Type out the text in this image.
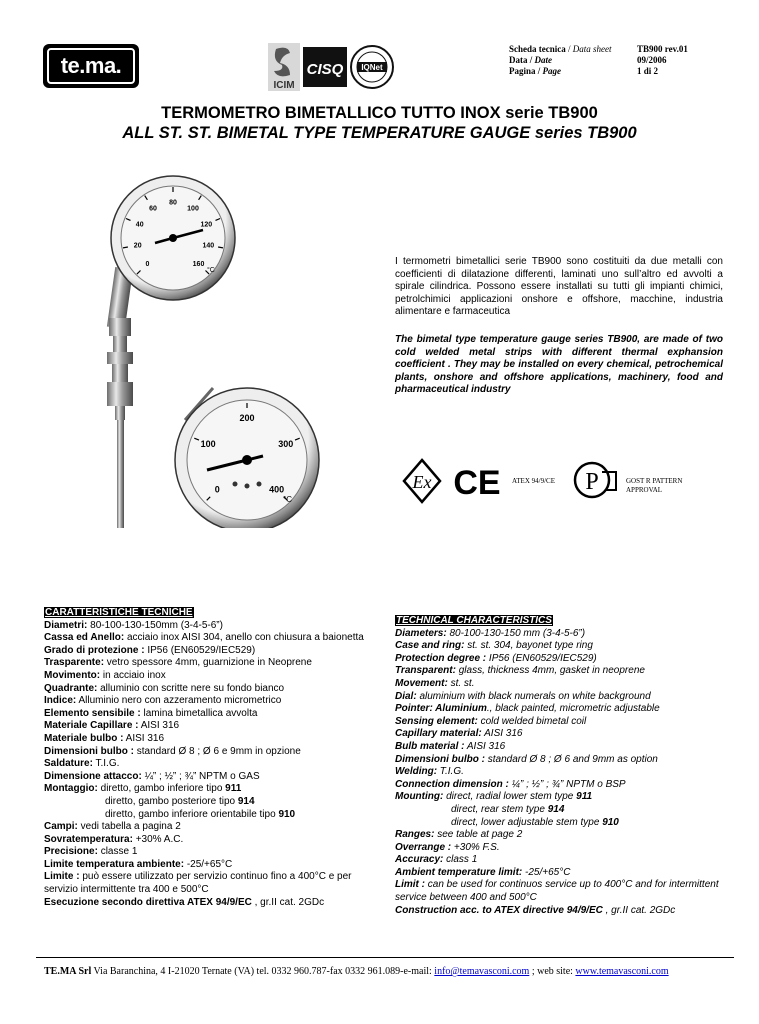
te.ma.
ICIM
CISQ IQNet
Scheda tecnica / Data sheet
Data / Date
Pagina / Page
TB900 rev.01
09/2006
1 di 2
TERMOMETRO BIMETALLICO TUTTO INOX serie TB900
ALL ST. ST. BIMETAL TYPE TEMPERATURE GAUGE series TB900
0
20
40
60
80
100
120
140
160
°C
0
100
200
300
400
°C
I termometri bimetallici serie TB900 sono costituiti da due metalli con coefficienti di dilatazione differenti, laminati uno sull’altro ed avvolti a spirale cilindrica. Possono essere installati su tutti gli impianti chimici, petrolchimici applicazioni onshore e offshore, macchine, industria alimentare e farmaceutica
The bimetal type temperature gauge series TB900, are made of two cold welded metal strips with different thermal exphansion coefficient . They may be installed on every chemical, petrochemical plants, onshore and offshore applications, machinery, food and pharmaceutical industry
Ex CE ATEX 94/9/CE Р	GOST R PATTERN
APPROVAL
CARATTERISTICHE TECNICHE
Diametri: 80-100-130-150mm (3-4-5-6”)
Cassa ed Anello: acciaio inox AISI 304, anello con chiusura a baionetta
Grado di protezione : IP56 (EN60529/IEC529)
Trasparente: vetro spessore 4mm, guarnizione in Neoprene
Movimento: in acciaio inox
Quadrante: alluminio con scritte nere su fondo bianco
Indice: Alluminio nero con azzeramento micrometrico
Elemento sensibile : lamina bimetallica avvolta
Materiale Capillare : AISI 316
Materiale bulbo : AISI 316
Dimensioni bulbo : standard Ø 8 ; Ø 6 e 9mm in opzione
Saldature: T.I.G.
Dimensione attacco: ¼” ; ½” ; ¾” NPTM o GAS
Montaggio: diretto, gambo inferiore tipo 911
diretto, gambo posteriore tipo 914
diretto, gambo inferiore orientabile tipo 910
Campi: vedi tabella a pagina 2
Sovratemperatura: +30% A.C.
Precisione: classe 1
Limite temperatura ambiente: -25/+65°C
Limite : può essere utilizzato per servizio continuo fino a 400°C e per servizio intermittente tra 400 e 500°C
Esecuzione secondo direttiva ATEX 94/9/EC , gr.II cat. 2GDc
TECHNICAL CHARACTERISTICS
Diameters: 80-100-130-150 mm (3-4-5-6”)
Case and ring: st. st. 304, bayonet type ring
Protection degree : IP56 (EN60529/IEC529)
Transparent: glass, thickness 4mm, gasket in neoprene
Movement: st. st.
Dial: aluminium with black numerals on white background
Pointer: Aluminium., black painted, micrometric adjustable
Sensing element: cold welded bimetal coil
Capillary material: AISI 316
Bulb material : AISI 316
Dimensioni bulbo : standard Ø 8 ; Ø 6 and 9mm as option
Welding: T.I.G.
Connection dimension : ¼” ; ½” ; ¾” NPTM o BSP
Mounting: direct, radial lower stem type 911
direct, rear stem type 914
direct, lower adjustable stem type 910
Ranges: see table at page 2
Overrange : +30% F.S.
Accuracy: class 1
Ambient temperature limit: -25/+65°C
Limit : can be used for continuos service up to 400°C and for intermittent service between 400 and 500°C
Construction acc. to ATEX directive 94/9/EC , gr.II cat. 2GDc
TE.MA Srl Via Baranchina, 4 I-21020 Ternate (VA) tel. 0332 960.787-fax 0332 961.089-e-mail: info@temavasconi.com ; web site: www.temavasconi.com
